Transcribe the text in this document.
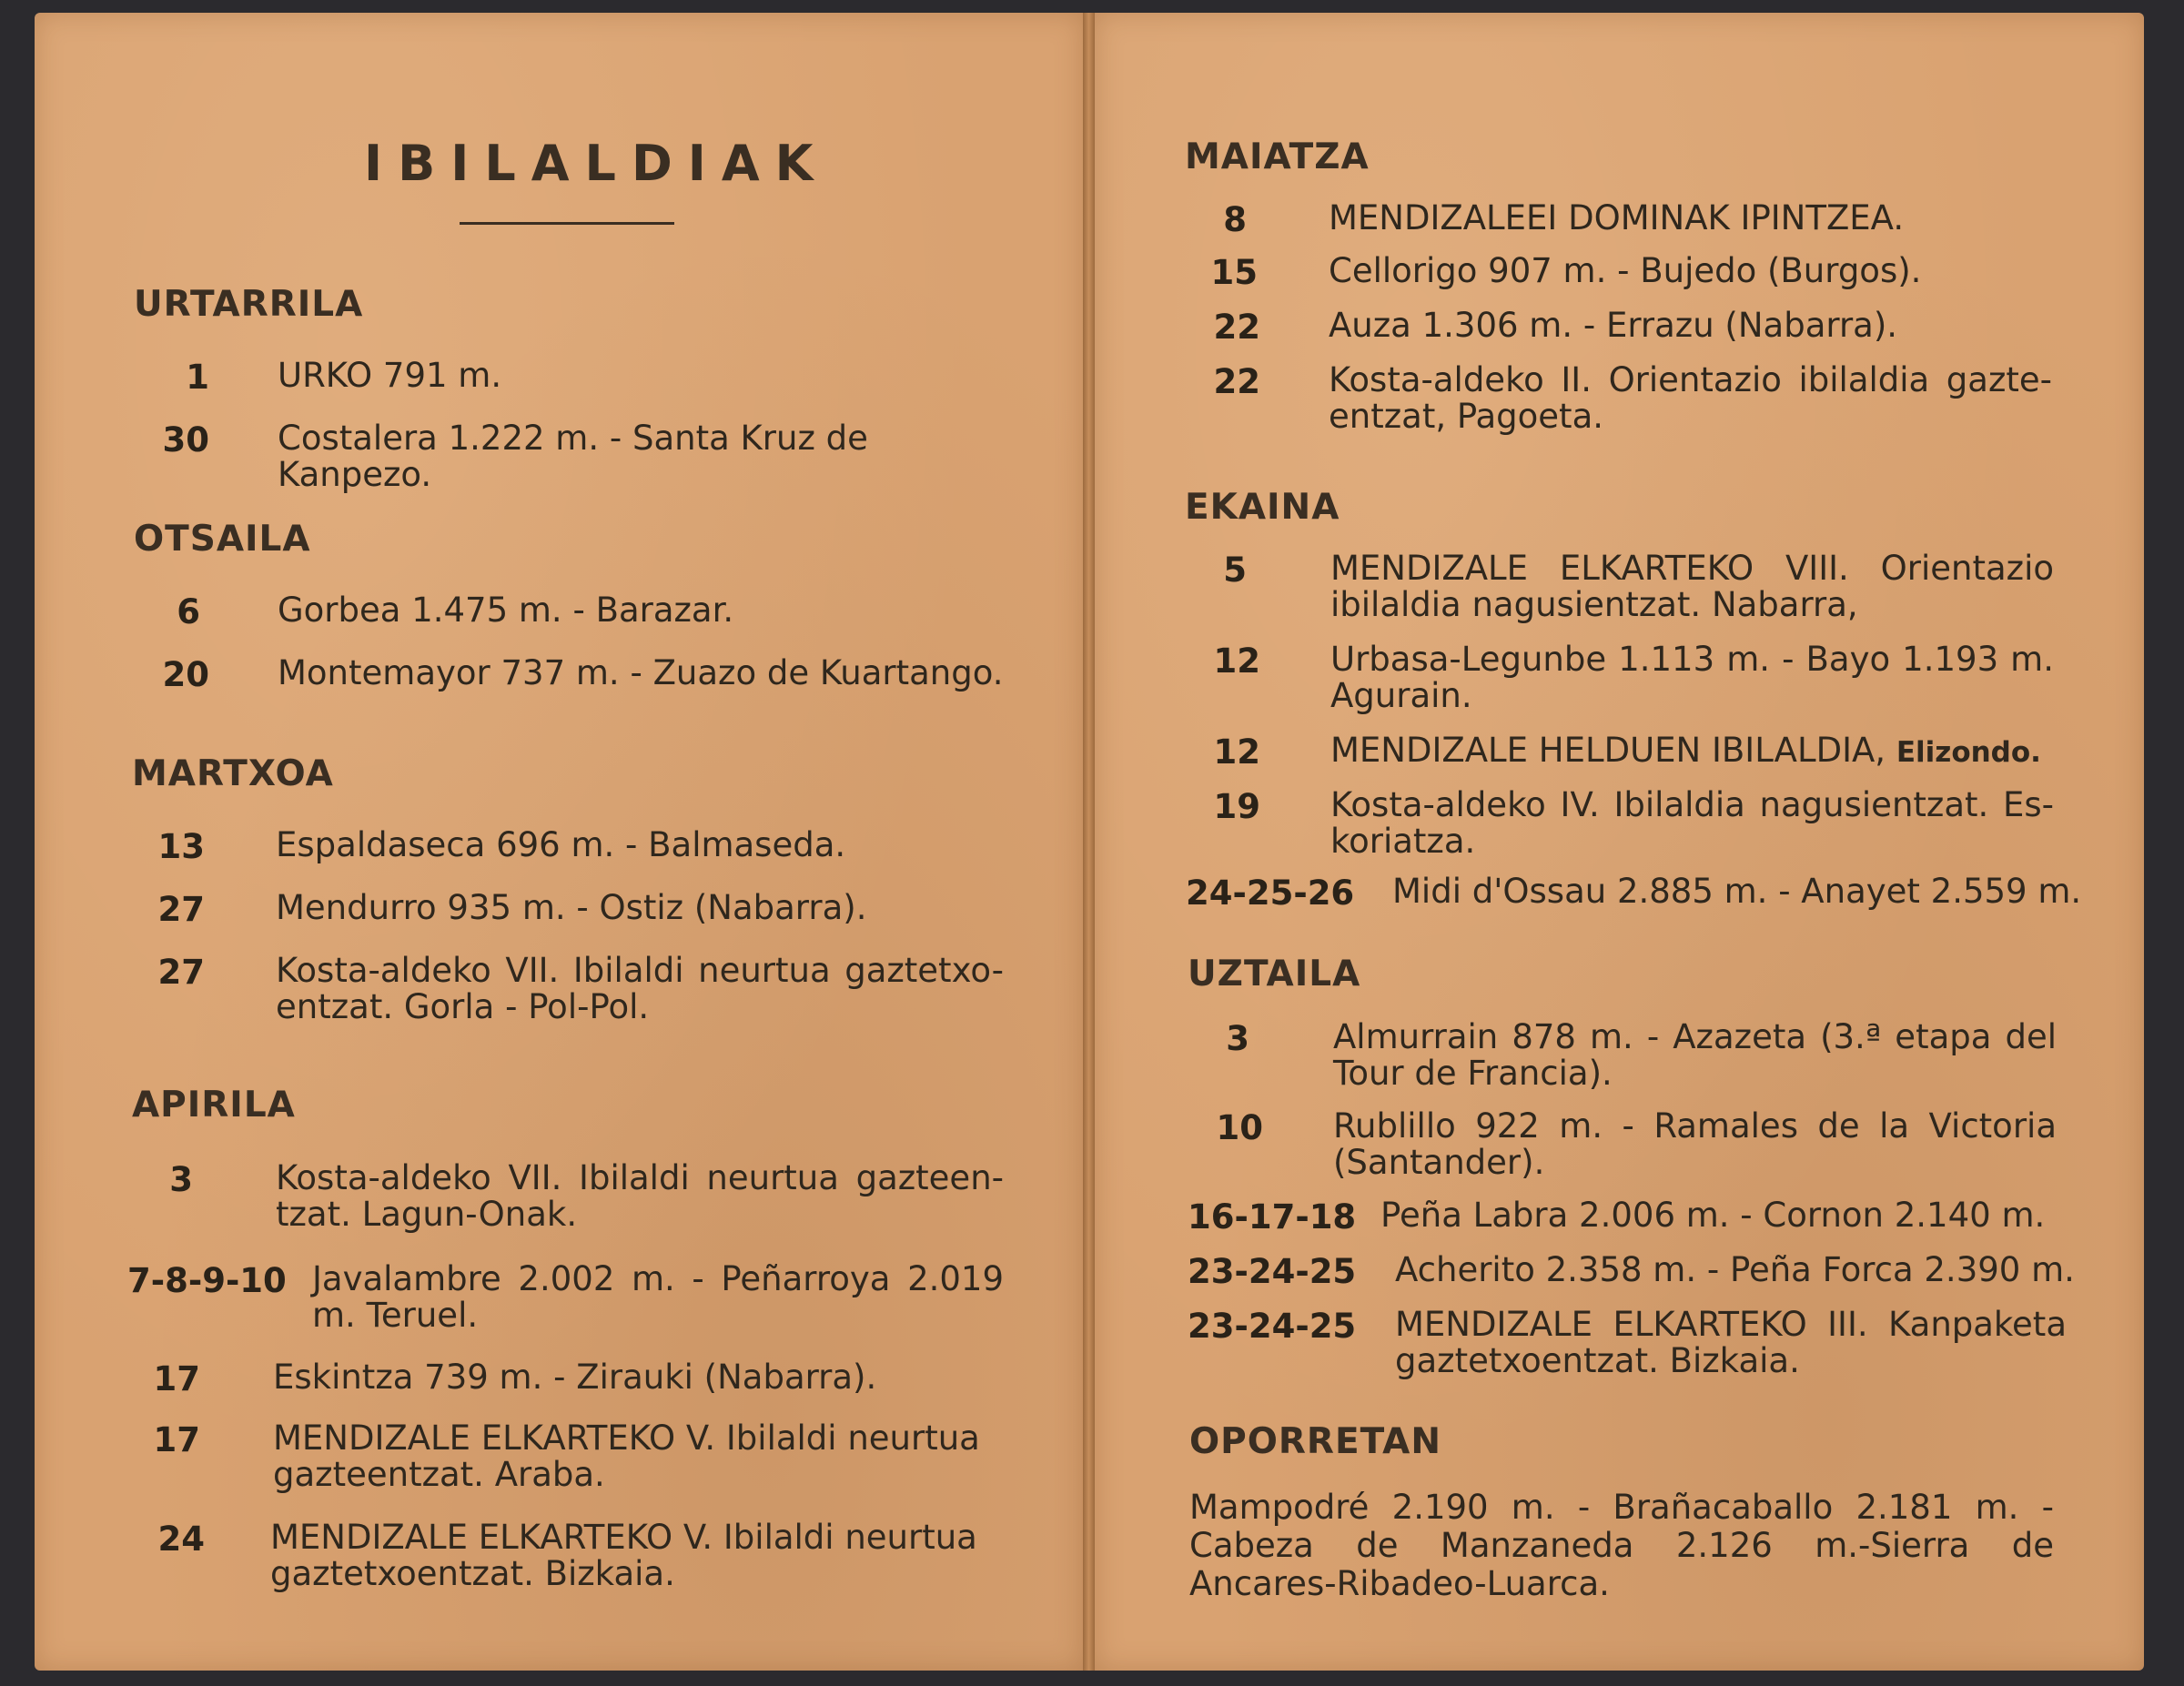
IBILALDIAK
URTARRILA
1 URKO 791 m.
30 Costalera 1.222 m. - Santa Kruz de Kanpezo.
OTSAILA
6 Gorbea 1.475 m. - Barazar.
20 Montemayor 737 m. - Zuazo de Kuartango.
MARTXOA
13 Espaldaseca 696 m. - Balmaseda.
27 Mendurro 935 m. - Ostiz (Nabarra).
27 Kosta-aldeko VII. Ibilaldi neurtua gaztetxo-entzat. Gorla - Pol-Pol.
APIRILA
3 Kosta-aldeko VII. Ibilaldi neurtua gazteen-tzat. Lagun-Onak.
7-8-9-10 Javalambre 2.002 m. - Peñarroya 2.019 m. Teruel.
17 Eskintza 739 m. - Zirauki (Nabarra).
17 MENDIZALE ELKARTEKO V. Ibilaldi neurtua gazteentzat. Araba.
24 MENDIZALE ELKARTEKO V. Ibilaldi neurtua gaztetxoentzat. Bizkaia.
MAIATZA
8 MENDIZALEEI DOMINAK IPINTZEA.
15 Cellorigo 907 m. - Bujedo (Burgos).
22 Auza 1.306 m. - Errazu (Nabarra).
22 Kosta-aldeko II. Orientazio ibilaldia gazte-entzat, Pagoeta.
EKAINA
5 MENDIZALE ELKARTEKO VIII. Orientazio ibilaldia nagusientzat. Nabarra,
12 Urbasa-Legunbe 1.113 m. - Bayo 1.193 m. Agurain.
12 MENDIZALE HELDUEN IBILALDIA, Elizondo.
19 Kosta-aldeko IV. Ibilaldia nagusientzat. Es-koriatza.
24-25-26 Midi d'Ossau 2.885 m. - Anayet 2.559 m.
UZTAILA
3 Almurrain 878 m. - Azazeta (3.ª etapa del Tour de Francia).
10 Rublillo 922 m. - Ramales de la Victoria (Santander).
16-17-18 Peña Labra 2.006 m. - Cornon 2.140 m.
23-24-25 Acherito 2.358 m. - Peña Forca 2.390 m.
23-24-25 MENDIZALE ELKARTEKO III. Kanpaketa gaztetxoentzat. Bizkaia.
OPORRETAN
Mampodré 2.190 m. - Brañacaballo 2.181 m. - Cabeza de Manzaneda 2.126 m.-Sierra de Ancares-Ribadeo-Luarca.
